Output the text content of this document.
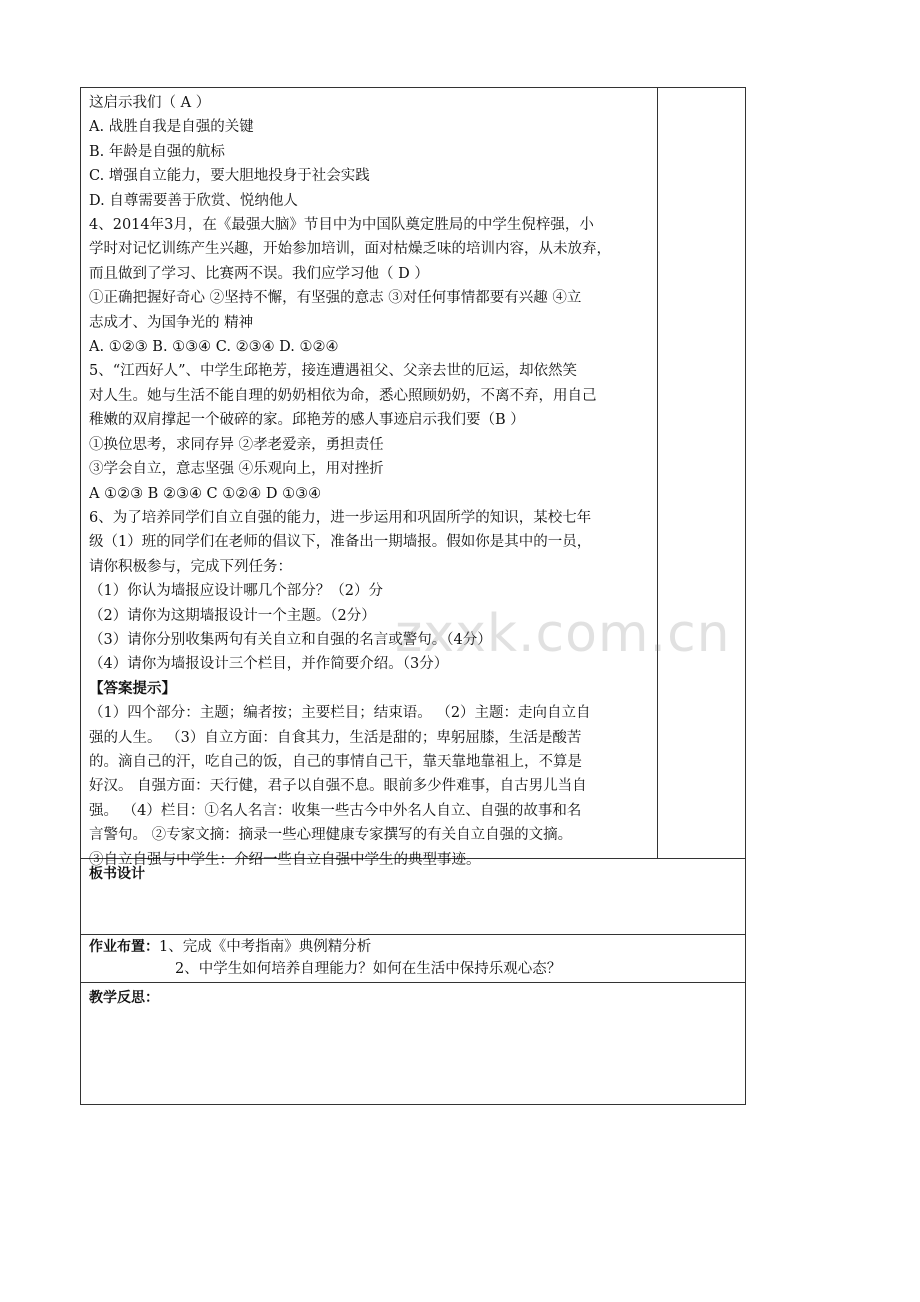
这启示我们（ A ）
A. 战胜自我是自强的关键
B. 年龄是自强的航标
C. 增强自立能力，要大胆地投身于社会实践
D. 自尊需要善于欣赏、悦纳他人
4、2014年3月，在《最强大脑》节目中为中国队奠定胜局的中学生倪梓强，小
学时对记忆训练产生兴趣，开始参加培训，面对枯燥乏味的培训内容，从未放弃，
而且做到了学习、比赛两不误。我们应学习他（ D ）
①正确把握好奇心 ②坚持不懈，有坚强的意志 ③对任何事情都要有兴趣 ④立
志成才、为国争光的 精神
A. ①②③ B. ①③④ C. ②③④ D. ①②④
5、“江西好人”、中学生邱艳芳，接连遭遇祖父、父亲去世的厄运，却依然笑
对人生。她与生活不能自理的奶奶相依为命，悉心照顾奶奶，不离不弃，用自己
稚嫩的双肩撑起一个破碎的家。邱艳芳的感人事迹启示我们要（B ）
①换位思考，求同存异 ②孝老爱亲，勇担责任
③学会自立，意志坚强 ④乐观向上，用对挫折
A ①②③ B ②③④ C ①②④ D ①③④
6、为了培养同学们自立自强的能力，进一步运用和巩固所学的知识，某校七年
级（1）班的同学们在老师的倡议下，准备出一期墙报。假如你是其中的一员，
请你积极参与，完成下列任务：
（1）你认为墙报应设计哪几个部分？（2）分
（2）请你为这期墙报设计一个主题。（2分）
（3）请你分别收集两句有关自立和自强的名言或警句。（4分）
（4）请你为墙报设计三个栏目，并作简要介绍。（3分）
【答案提示】
（1）四个部分：主题；编者按；主要栏目；结束语。 （2）主题：走向自立自
强的人生。 （3）自立方面：自食其力，生活是甜的；卑躬屈膝，生活是酸苦
的。滴自己的汗，吃自己的饭，自己的事情自己干，靠天靠地靠祖上，不算是
好汉。 自强方面：天行健，君子以自强不息。眼前多少件难事，自古男儿当自
强。 （4）栏目：①名人名言：收集一些古今中外名人自立、自强的故事和名
言警句。 ②专家文摘：摘录一些心理健康专家撰写的有关自立自强的文摘。
③自立自强与中学生：介绍一些自立自强中学生的典型事迹。
板书设计
作业布置：1、完成《中考指南》典例精分析
2、中学生如何培养自理能力？如何在生活中保持乐观心态？
教学反思：
zxxk.com.cn
